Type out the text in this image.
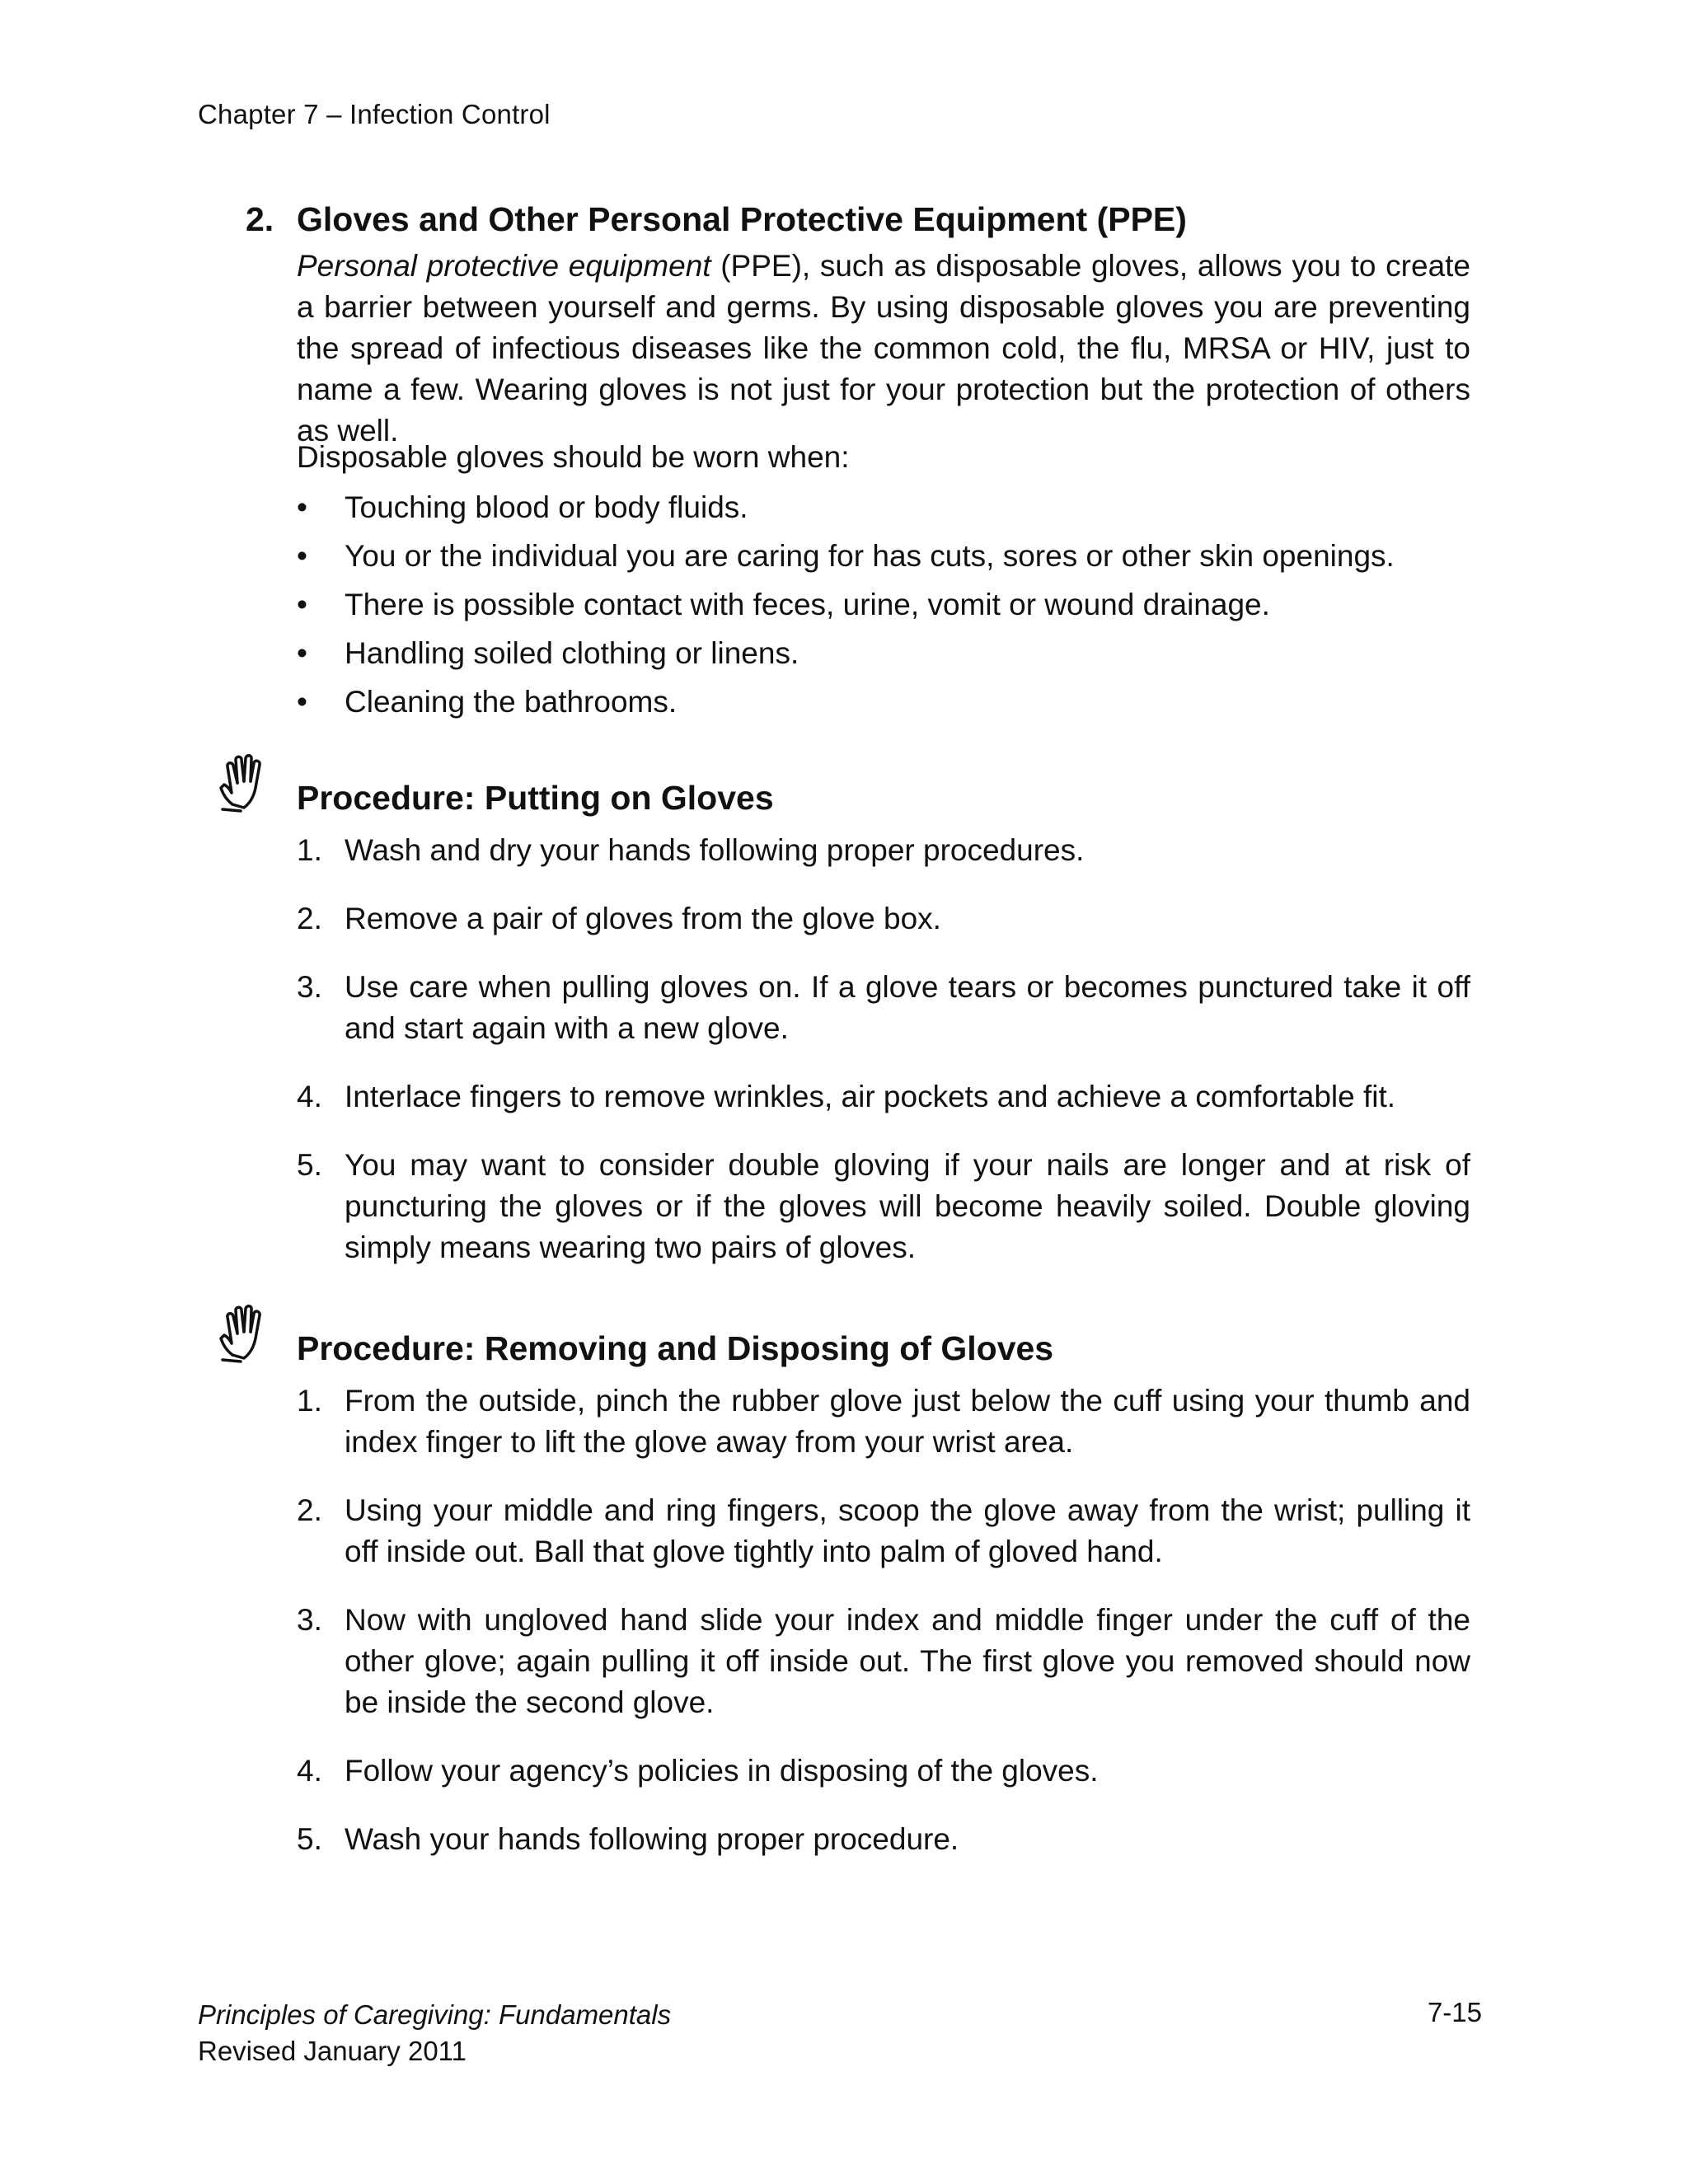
Chapter 7 – Infection Control
2. Gloves and Other Personal Protective Equipment (PPE)

Personal protective equipment (PPE), such as disposable gloves, allows you to create a barrier between yourself and germs. By using disposable gloves you are preventing the spread of infectious diseases like the common cold, the flu, MRSA or HIV, just to name a few. Wearing gloves is not just for your protection but the protection of others as well.

Disposable gloves should be worn when:

• Touching blood or body fluids.
• You or the individual you are caring for has cuts, sores or other skin openings.
• There is possible contact with feces, urine, vomit or wound drainage.
• Handling soiled clothing or linens.
• Cleaning the bathrooms.
Procedure: Putting on Gloves
1. Wash and dry your hands following proper procedures.
2. Remove a pair of gloves from the glove box.
3. Use care when pulling gloves on. If a glove tears or becomes punctured take it off and start again with a new glove.
4. Interlace fingers to remove wrinkles, air pockets and achieve a comfortable fit.
5. You may want to consider double gloving if your nails are longer and at risk of puncturing the gloves or if the gloves will become heavily soiled. Double gloving simply means wearing two pairs of gloves.
Procedure: Removing and Disposing of Gloves
1. From the outside, pinch the rubber glove just below the cuff using your thumb and index finger to lift the glove away from your wrist area.
2. Using your middle and ring fingers, scoop the glove away from the wrist; pulling it off inside out. Ball that glove tightly into palm of gloved hand.
3. Now with ungloved hand slide your index and middle finger under the cuff of the other glove; again pulling it off inside out. The first glove you removed should now be inside the second glove.
4. Follow your agency’s policies in disposing of the gloves.
5. Wash your hands following proper procedure.
Principles of Caregiving: Fundamentals
Revised January 2011
7-15
